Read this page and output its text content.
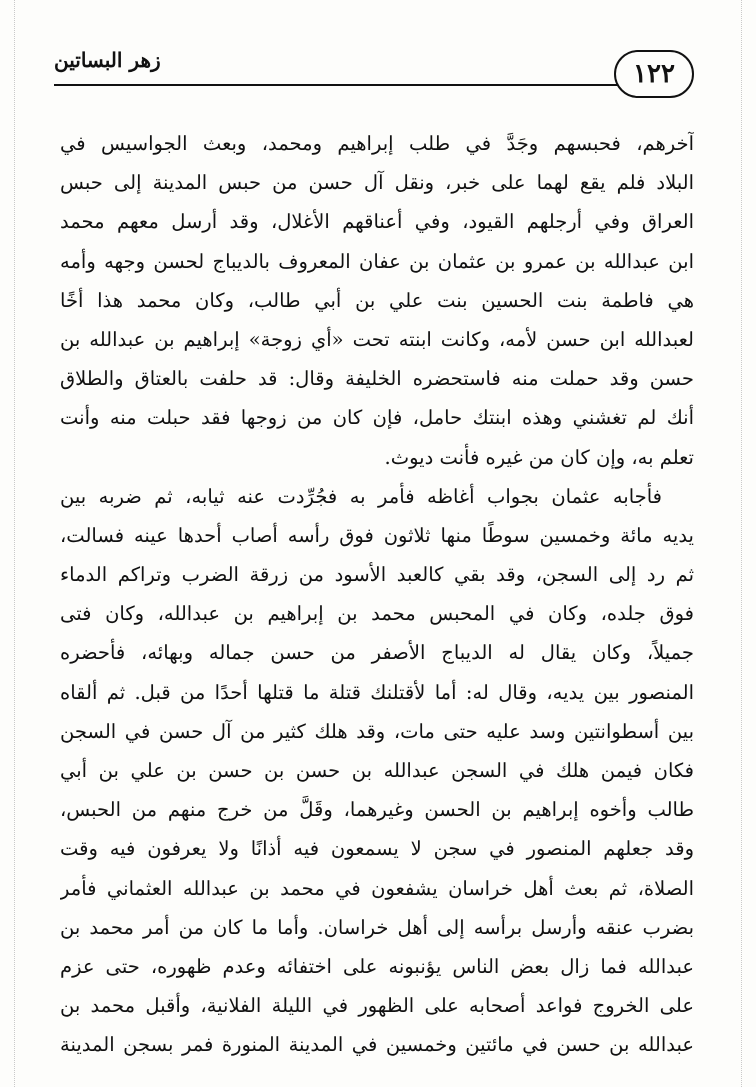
١٢٢
زهر البساتين
آخرهم، فحبسهم وجَدَّ في طلب إبراهيم ومحمد، وبعث الجواسيس في
البلاد فلم يقع لهما على خبر، ونقل آل حسن من حبس المدينة إلى حبس
العراق وفي أرجلهم القيود، وفي أعناقهم الأغلال، وقد أرسل معهم محمد
ابن عبدالله بن عمرو بن عثمان بن عفان المعروف بالديباج لحسن وجهه وأمه
هي فاطمة بنت الحسين بنت علي بن أبي طالب، وكان محمد هذا أخًا
لعبدالله ابن حسن لأمه، وكانت ابنته تحت «أي زوجة» إبراهيم بن عبدالله بن
حسن وقد حملت منه فاستحضره الخليفة وقال: قد حلفت بالعتاق والطلاق
أنك لم تغشني وهذه ابنتك حامل، فإن كان من زوجها فقد حبلت منه وأنت
تعلم به، وإن كان من غيره فأنت ديوث.
فأجابه عثمان بجواب أغاظه فأمر به فجُرِّدت عنه ثيابه، ثم ضربه بين
يديه مائة وخمسين سوطًا منها ثلاثون فوق رأسه أصاب أحدها عينه فسالت،
ثم رد إلى السجن، وقد بقي كالعبد الأسود من زرقة الضرب وتراكم الدماء
فوق جلده، وكان في المحبس محمد بن إبراهيم بن عبدالله، وكان فتى
جميلاً، وكان يقال له الديباج الأصفر من حسن جماله وبهائه، فأحضره
المنصور بين يديه، وقال له: أما لأقتلنك قتلة ما قتلها أحدًا من قبل. ثم ألقاه
بين أسطوانتين وسد عليه حتى مات، وقد هلك كثير من آل حسن في السجن
فكان فيمن هلك في السجن عبدالله بن حسن بن حسن بن علي بن أبي
طالب وأخوه إبراهيم بن الحسن وغيرهما، وقَلَّ من خرج منهم من الحبس،
وقد جعلهم المنصور في سجن لا يسمعون فيه أذانًا ولا يعرفون فيه وقت
الصلاة، ثم بعث أهل خراسان يشفعون في محمد بن عبدالله العثماني فأمر
بضرب عنقه وأرسل برأسه إلى أهل خراسان. وأما ما كان من أمر محمد بن
عبدالله فما زال بعض الناس يؤنبونه على اختفائه وعدم ظهوره، حتى عزم
على الخروج فواعد أصحابه على الظهور في الليلة الفلانية، وأقبل محمد بن
عبدالله بن حسن في مائتين وخمسين في المدينة المنورة فمر بسجن المدينة
